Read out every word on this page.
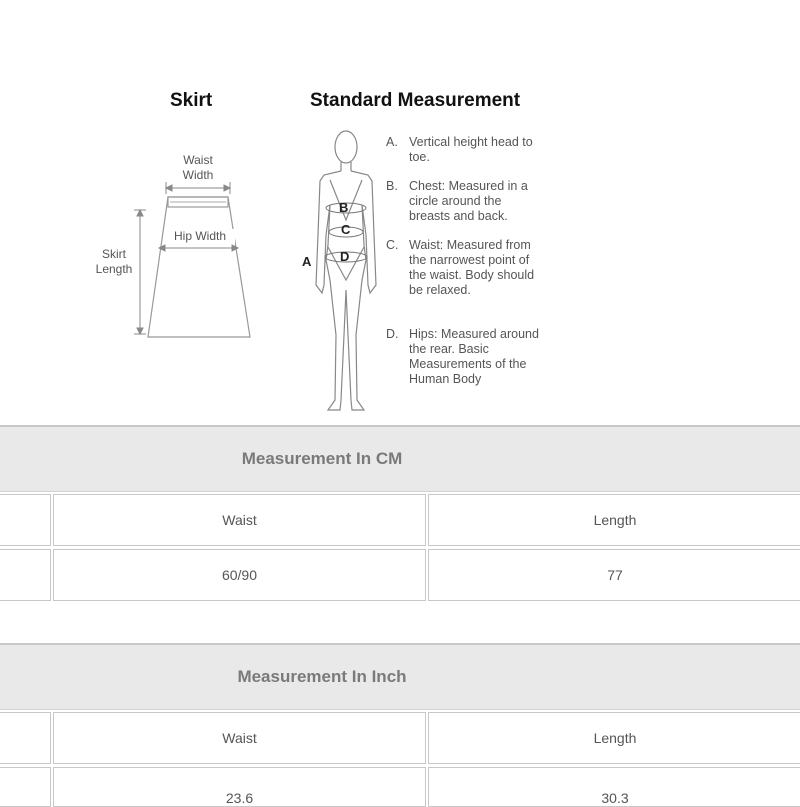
Skirt	Standard Measurement
Waist Width
Hip Width
Skirt Length
B
C
D
A
A. Vertical height head to toe.
B. Chest: Measured in a circle around the breasts and back.
C. Waist: Measured from the narrowest point of the waist. Body should be relaxed.
D. Hips: Measured around the rear. Basic Measurements of the Human Body
Measurement In CM
Waist	Length
60/90	77
Measurement In Inch
Waist	Length
23.6	30.3
